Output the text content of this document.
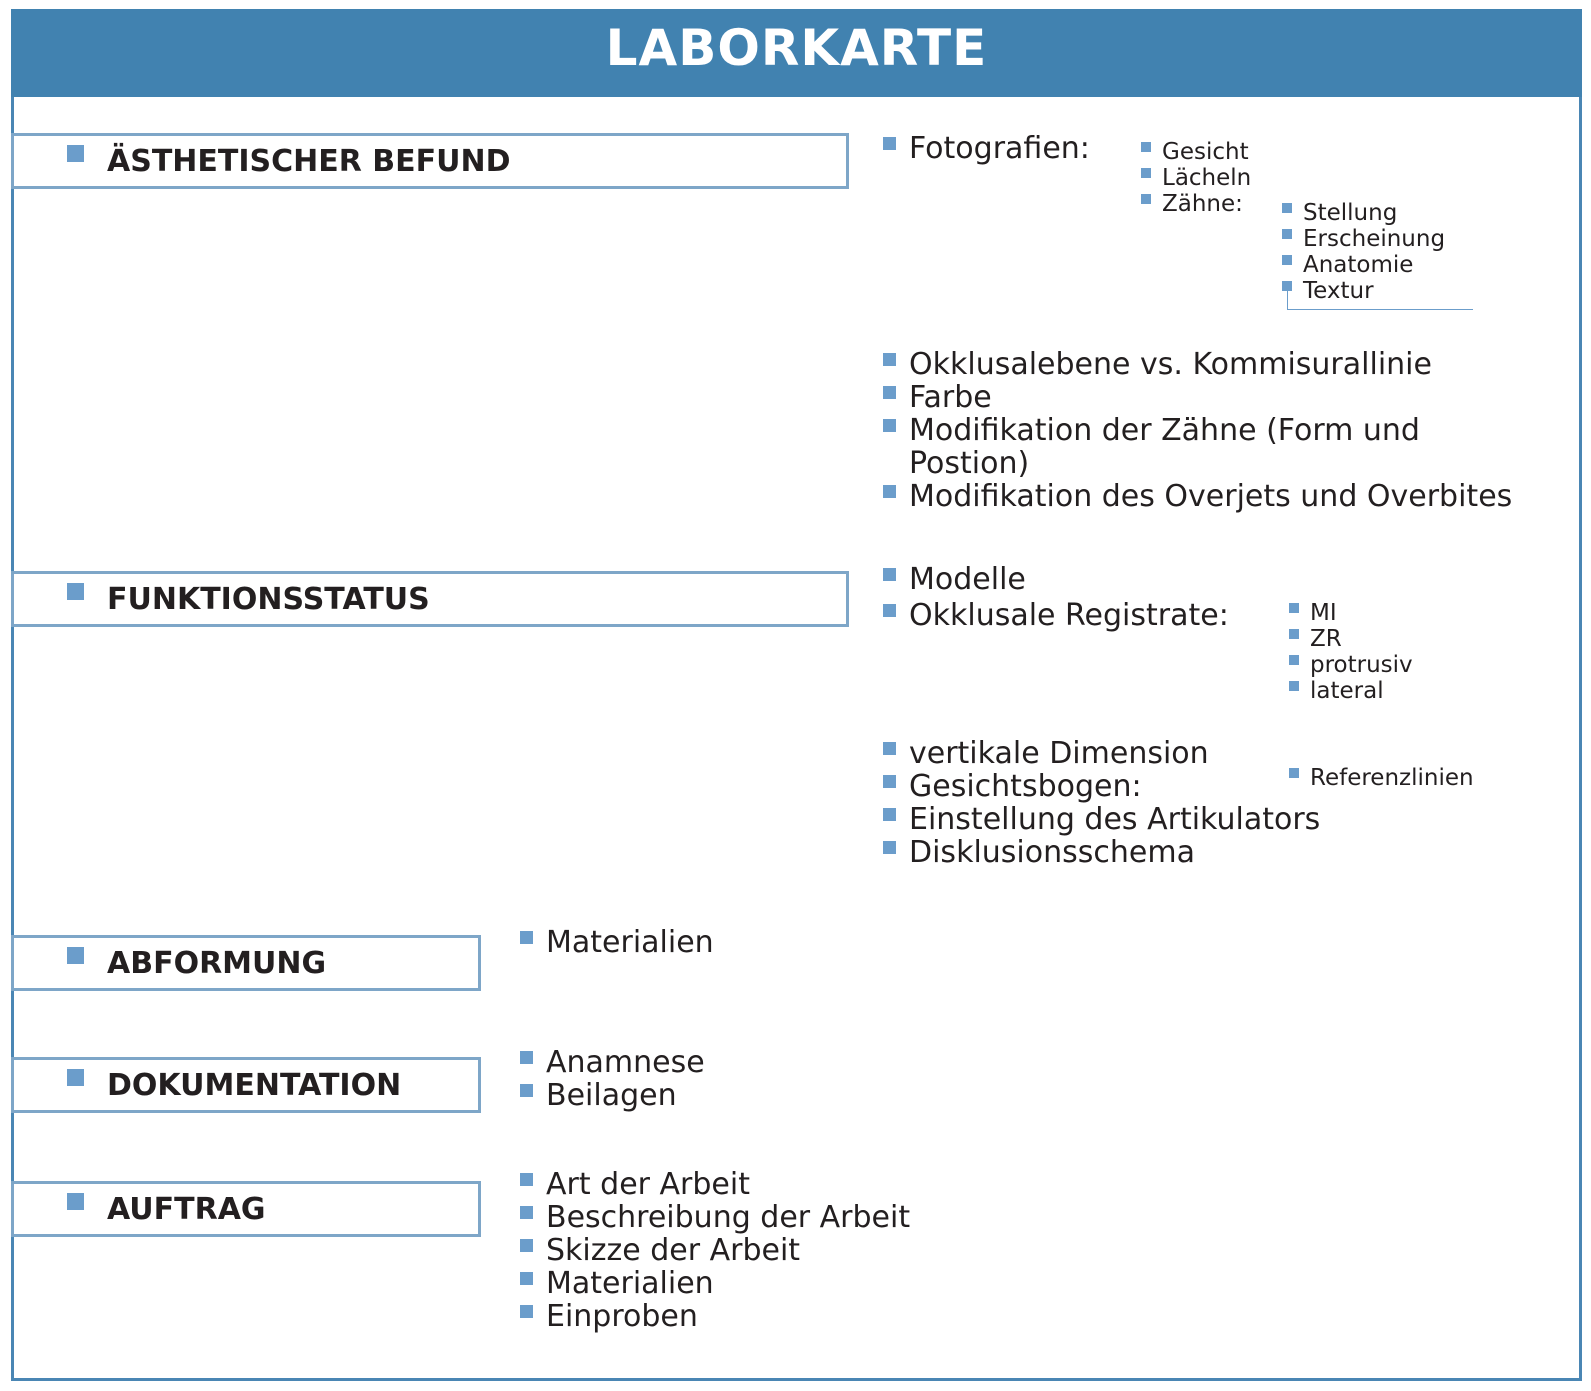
LABORKARTE
ÄSTHETISCHER BEFUND
FUNKTIONSSTATUS
ABFORMUNG
DOKUMENTATION
AUFTRAG
Fotografien:	Gesicht
Lächeln
Zähne:	Stellung
Erscheinung
Anatomie
Textur
Okklusalebene vs. Kommisurallinie
Farbe
Modifikation der Zähne (Form und
Postion)
Modifikation des Overjets und Overbites
Modelle
Okklusale Registrate:	MI
ZR
protrusiv
lateral
vertikale Dimension
Gesichtsbogen:
Einstellung des Artikulators
Disklusionsschema
Referenzlinien
Materialien
Anamnese
Beilagen
Art der Arbeit
Beschreibung der Arbeit
Skizze der Arbeit
Materialien
Einproben
